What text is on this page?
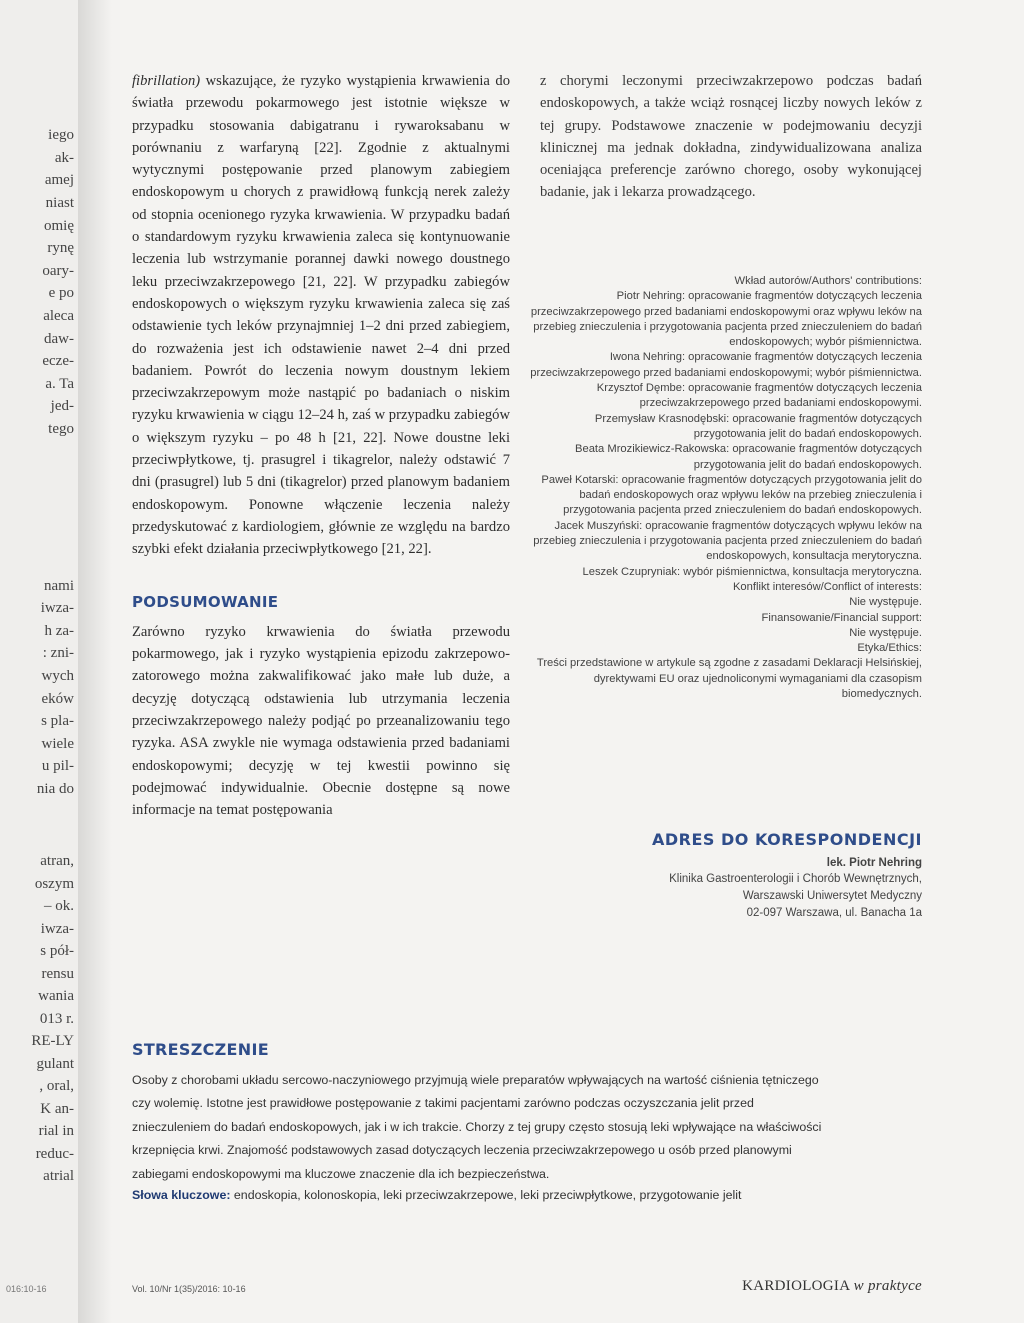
016:10-16
iego
ak-
amej
niast
omię
rynę
oary-
e po
aleca
daw-
ecze-
a. Ta
jed-
tego
nami
iwza-
h za-
: zni-
wych
eków
s pla-
wiele
u pil-
nia do
atran,
oszym
– ok.
iwza-
s pół-
rensu
wania
013 r.
RE-LY
gulant
, oral,
K an-
rial in
reduc-
atrial

fibrillation) wskazujące, że ryzyko wystąpienia krwawienia do światła przewodu pokarmowego jest istotnie większe w przypadku stosowania dabigatranu i rywaroksabanu w porównaniu z warfaryną [22]. Zgodnie z aktualnymi wytycznymi postępowanie przed planowym zabiegiem endoskopowym u chorych z prawidłową funkcją nerek zależy od stopnia ocenionego ryzyka krwawienia. W przypadku badań o standardowym ryzyku krwawienia zaleca się kontynuowanie leczenia lub wstrzymanie porannej dawki nowego doustnego leku przeciwzakrzepowego [21, 22]. W przypadku zabiegów endoskopowych o większym ryzyku krwawienia zaleca się zaś odstawienie tych leków przynajmniej 1–2 dni przed zabiegiem, do rozważenia jest ich odstawienie nawet 2–4 dni przed badaniem. Powrót do leczenia nowym doustnym lekiem przeciwzakrzepowym może nastąpić po badaniach o niskim ryzyku krwawienia w ciągu 12–24 h, zaś w przypadku zabiegów o większym ryzyku – po 48 h [21, 22]. Nowe doustne leki przeciwpłytkowe, tj. prasugrel i tikagrelor, należy odstawić 7 dni (prasugrel) lub 5 dni (tikagrelor) przed planowym badaniem endoskopowym. Ponowne włączenie leczenia należy przedyskutować z kardiologiem, głównie ze względu na bardzo szybki efekt działania przeciwpłytkowego [21, 22].

PODSUMOWANIE

Zarówno ryzyko krwawienia do światła przewodu pokarmowego, jak i ryzyko wystąpienia epizodu zakrzepowo-zatorowego można zakwalifikować jako małe lub duże, a decyzję dotyczącą odstawienia lub utrzymania leczenia przeciwzakrzepowego należy podjąć po przeanalizowaniu tego ryzyka. ASA zwykle nie wymaga odstawienia przed badaniami endoskopowymi; decyzję w tej kwestii powinno się podejmować indywidualnie. Obecnie dostępne są nowe informacje na temat postępowania

z chorymi leczonymi przeciwzakrzepowo podczas badań endoskopowych, a także wciąż rosnącej liczby nowych leków z tej grupy. Podstawowe znaczenie w podejmowaniu decyzji klinicznej ma jednak dokładna, zindywidualizowana analiza oceniająca preferencje zarówno chorego, osoby wykonującej badanie, jak i lekarza prowadzącego.

Wkład autorów/Authors' contributions:
Piotr Nehring: opracowanie fragmentów dotyczących leczenia przeciwzakrzepowego przed badaniami endoskopowymi oraz wpływu leków na przebieg znieczulenia i przygotowania pacjenta przed znieczuleniem do badań endoskopowych; wybór piśmiennictwa.
Iwona Nehring: opracowanie fragmentów dotyczących leczenia przeciwzakrzepowego przed badaniami endoskopowymi; wybór piśmiennictwa.
Krzysztof Dęmbe: opracowanie fragmentów dotyczących leczenia przeciwzakrzepowego przed badaniami endoskopowymi.
Przemysław Krasnodębski: opracowanie fragmentów dotyczących przygotowania jelit do badań endoskopowych.
Beata Mrozikiewicz-Rakowska: opracowanie fragmentów dotyczących przygotowania jelit do badań endoskopowych.
Paweł Kotarski: opracowanie fragmentów dotyczących przygotowania jelit do badań endoskopowych oraz wpływu leków na przebieg znieczulenia i przygotowania pacjenta przed znieczuleniem do badań endoskopowych.
Jacek Muszyński: opracowanie fragmentów dotyczących wpływu leków na przebieg znieczulenia i przygotowania pacjenta przed znieczuleniem do badań endoskopowych, konsultacja merytoryczna.
Leszek Czupryniak: wybór piśmiennictwa, konsultacja merytoryczna.
Konflikt interesów/Conflict of interests:
Nie występuje.
Finansowanie/Financial support:
Nie występuje.
Etyka/Ethics:
Treści przedstawione w artykule są zgodne z zasadami Deklaracji Helsińskiej, dyrektywami EU oraz ujednoliconymi wymaganiami dla czasopism biomedycznych.
ADRES DO KORESPONDENCJI
lek. Piotr Nehring
Klinika Gastroenterologii i Chorób Wewnętrznych,
Warszawski Uniwersytet Medyczny
02-097 Warszawa, ul. Banacha 1a
STRESZCZENIE

Osoby z chorobami układu sercowo-naczyniowego przyjmują wiele preparatów wpływających na wartość ciśnienia tętniczego czy wolemię. Istotne jest prawidłowe postępowanie z takimi pacjentami zarówno podczas oczyszczania jelit przed znieczuleniem do badań endoskopowych, jak i w ich trakcie. Chorzy z tej grupy często stosują leki wpływające na właściwości krzepnięcia krwi. Znajomość podstawowych zasad dotyczących leczenia przeciwzakrzepowego u osób przed planowymi zabiegami endoskopowymi ma kluczowe znaczenie dla ich bezpieczeństwa.

Słowa kluczowe: endoskopia, kolonoskopia, leki przeciwzakrzepowe, leki przeciwpłytkowe, przygotowanie jelit
Vol. 10/Nr 1(35)/2016: 10-16	KARDIOLOGIA w praktyce
